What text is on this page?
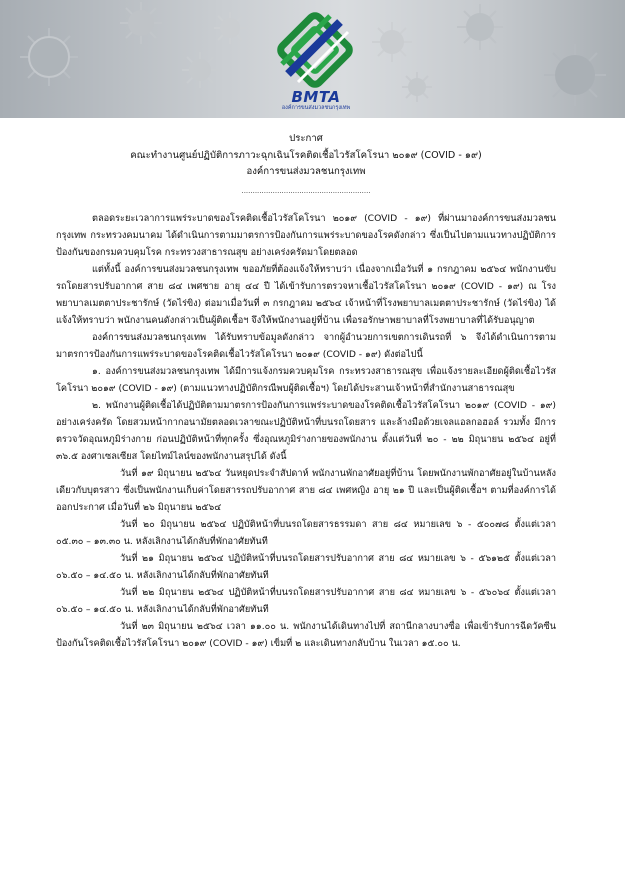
BMTA
องค์การขนส่งมวลชนกรุงเทพ
ประกาศ
คณะทำงานศูนย์ปฏิบัติการภาวะฉุกเฉินโรคติดเชื้อไวรัสโคโรนา ๒๐๑๙ (COVID - ๑๙)
องค์การขนส่งมวลชนกรุงเทพ
..........................................................

ตลอดระยะเวลาการแพร่ระบาดของโรคติดเชื้อไวรัสโคโรนา ๒๐๑๙ (COVID - ๑๙) ที่ผ่านมาองค์การขนส่งมวลชนกรุงเทพ กระทรวงคมนาคม ได้ดำเนินการตามมาตรการป้องกันการแพร่ระบาดของโรคดังกล่าว ซึ่งเป็นไปตามแนวทางปฏิบัติการป้องกันของกรมควบคุมโรค กระทรวงสาธารณสุข อย่างเคร่งครัดมาโดยตลอด

แต่ทั้งนี้ องค์การขนส่งมวลชนกรุงเทพ ขออภัยที่ต้องแจ้งให้ทราบว่า เนื่องจากเมื่อวันที่ ๑ กรกฎาคม ๒๕๖๔ พนักงานขับรถโดยสารปรับอากาศ สาย ๘๔ เพศชาย อายุ ๔๔ ปี ได้เข้ารับการตรวจหาเชื้อไวรัสโคโรนา ๒๐๑๙ (COVID - ๑๙) ณ โรงพยาบาลเมตตาประชารักษ์ (วัดไร่ขิง) ต่อมาเมื่อวันที่ ๓ กรกฎาคม ๒๕๖๔ เจ้าหน้าที่โรงพยาบาลเมตตาประชารักษ์ (วัดไร่ขิง) ได้แจ้งให้ทราบว่า พนักงานคนดังกล่าวเป็นผู้ติดเชื้อฯ จึงให้พนักงานอยู่ที่บ้าน เพื่อรอรักษาพยาบาลที่โรงพยาบาลที่ได้รับอนุญาต

องค์การขนส่งมวลชนกรุงเทพ ได้รับทราบข้อมูลดังกล่าว จากผู้อำนวยการเขตการเดินรถที่ ๖ จึงได้ดำเนินการตามมาตรการป้องกันการแพร่ระบาดของโรคติดเชื้อไวรัสโคโรนา ๒๐๑๙ (COVID - ๑๙) ดังต่อไปนี้

๑. องค์การขนส่งมวลชนกรุงเทพ ได้มีการแจ้งกรมควบคุมโรค กระทรวงสาธารณสุข เพื่อแจ้งรายละเอียดผู้ติดเชื้อไวรัสโคโรนา ๒๐๑๙ (COVID - ๑๙) (ตามแนวทางปฏิบัติกรณีพบผู้ติดเชื้อฯ) โดยได้ประสานเจ้าหน้าที่สำนักงานสาธารณสุข

๒. พนักงานผู้ติดเชื้อได้ปฏิบัติตามมาตรการป้องกันการแพร่ระบาดของโรคติดเชื้อไวรัสโคโรนา ๒๐๑๙ (COVID - ๑๙) อย่างเคร่งครัด โดยสวมหน้ากากอนามัยตลอดเวลาขณะปฏิบัติหน้าที่บนรถโดยสาร และล้างมือด้วยเจลแอลกอฮอล์ รวมทั้ง มีการตรวจวัดอุณหภูมิร่างกาย ก่อนปฏิบัติหน้าที่ทุกครั้ง ซึ่งอุณหภูมิร่างกายของพนักงาน ตั้งแต่วันที่ ๒๐ - ๒๒ มิถุนายน ๒๕๖๔ อยู่ที่ ๓๖.๕ องศาเซลเซียส โดยไทม์ไลน์ของพนักงานสรุปได้ ดังนี้

วันที่ ๑๙ มิถุนายน ๒๕๖๔ วันหยุดประจำสัปดาห์ พนักงานพักอาศัยอยู่ที่บ้าน โดยพนักงานพักอาศัยอยู่ในบ้านหลังเดียวกับบุตรสาว ซึ่งเป็นพนักงานเก็บค่าโดยสารรถปรับอากาศ สาย ๘๔ เพศหญิง อายุ ๒๑ ปี และเป็นผู้ติดเชื้อฯ ตามที่องค์การได้ออกประกาศ เมื่อวันที่ ๒๖ มิถุนายน ๒๕๖๔

วันที่ ๒๐ มิถุนายน ๒๕๖๔ ปฏิบัติหน้าที่บนรถโดยสารธรรมดา สาย ๘๔ หมายเลข ๖ - ๕๐๐๗๘ ตั้งแต่เวลา ๐๕.๓๐ – ๑๓.๓๐ น. หลังเลิกงานได้กลับที่พักอาศัยทันที

วันที่ ๒๑ มิถุนายน ๒๕๖๔ ปฏิบัติหน้าที่บนรถโดยสารปรับอากาศ สาย ๘๔ หมายเลข ๖ - ๕๖๑๒๕ ตั้งแต่เวลา ๐๖.๕๐ – ๑๔.๕๐ น. หลังเลิกงานได้กลับที่พักอาศัยทันที

วันที่ ๒๒ มิถุนายน ๒๕๖๔ ปฏิบัติหน้าที่บนรถโดยสารปรับอากาศ สาย ๘๔ หมายเลข ๖ - ๕๖๐๖๔ ตั้งแต่เวลา ๐๖.๕๐ – ๑๔.๕๐ น. หลังเลิกงานได้กลับที่พักอาศัยทันที

วันที่ ๒๓ มิถุนายน ๒๕๖๔ เวลา ๑๑.๐๐ น. พนักงานได้เดินทางไปที่ สถานีกลางบางซื่อ เพื่อเข้ารับการฉีดวัคซีนป้องกันโรคติดเชื้อไวรัสโคโรนา ๒๐๑๙ (COVID - ๑๙) เข็มที่ ๒ และเดินทางกลับบ้าน ในเวลา ๑๕.๐๐ น.
